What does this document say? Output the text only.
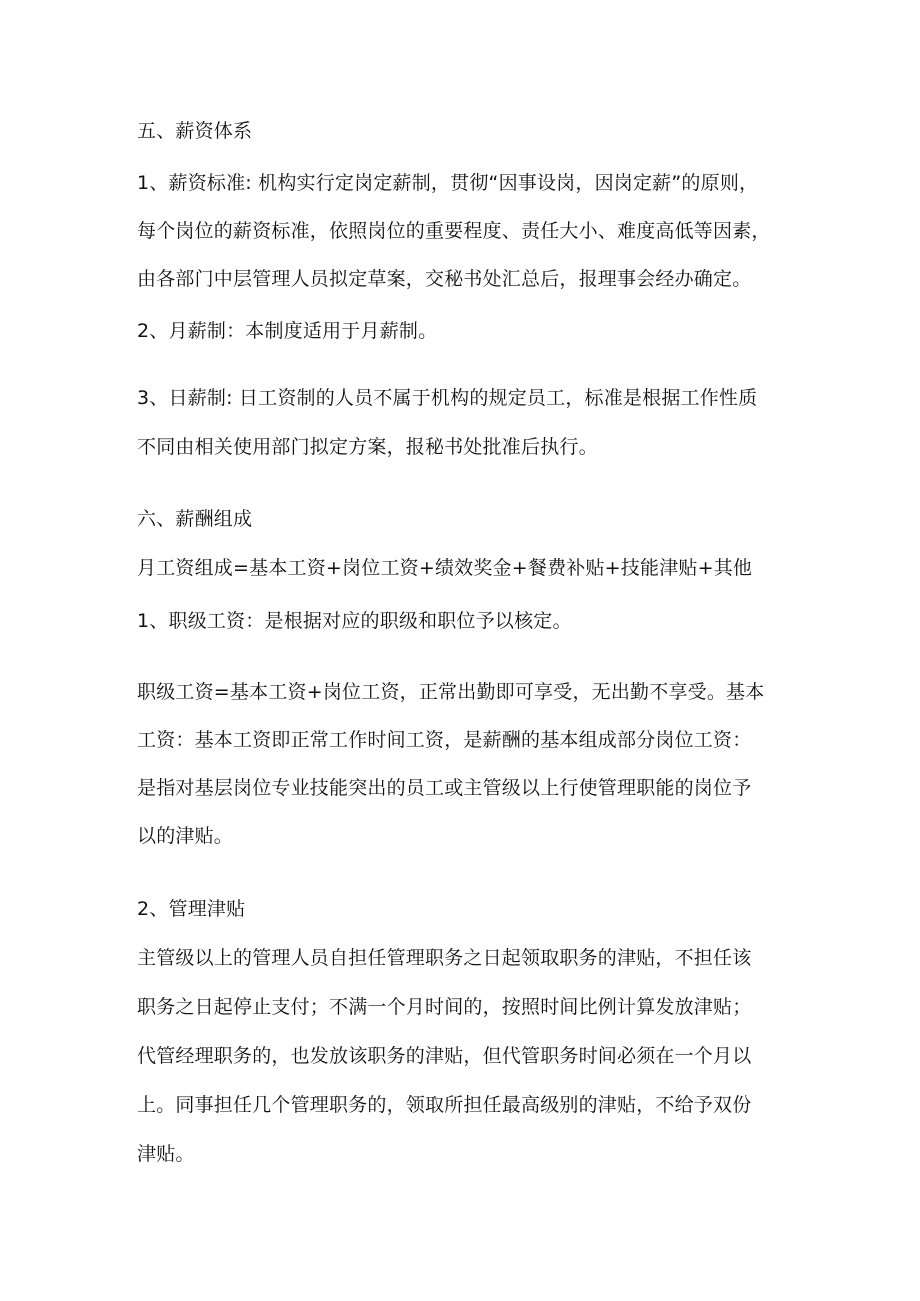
五、薪资体系

1、薪资标准: 机构实行定岗定薪制，贯彻“因事设岗，因岗定薪”的原则，

每个岗位的薪资标准，依照岗位的重要程度、责任大小、难度高低等因素，

由各部门中层管理人员拟定草案，交秘书处汇总后，报理事会经办确定。

2、月薪制：本制度适用于月薪制。

3、日薪制: 日工资制的人员不属于机构的规定员工，标准是根据工作性质

不同由相关使用部门拟定方案，报秘书处批准后执行。

六、薪酬组成

月工资组成=基本工资+岗位工资+绩效奖金+餐费补贴+技能津贴+其他

1、职级工资：是根据对应的职级和职位予以核定。

职级工资=基本工资+岗位工资，正常出勤即可享受，无出勤不享受。基本

工资：基本工资即正常工作时间工资，是薪酬的基本组成部分岗位工资：

是指对基层岗位专业技能突出的员工或主管级以上行使管理职能的岗位予

以的津贴。

2、管理津贴

主管级以上的管理人员自担任管理职务之日起领取职务的津贴，不担任该

职务之日起停止支付；不满一个月时间的，按照时间比例计算发放津贴；

代管经理职务的，也发放该职务的津贴，但代管职务时间必须在一个月以

上。同事担任几个管理职务的，领取所担任最高级别的津贴，不给予双份

津贴。
